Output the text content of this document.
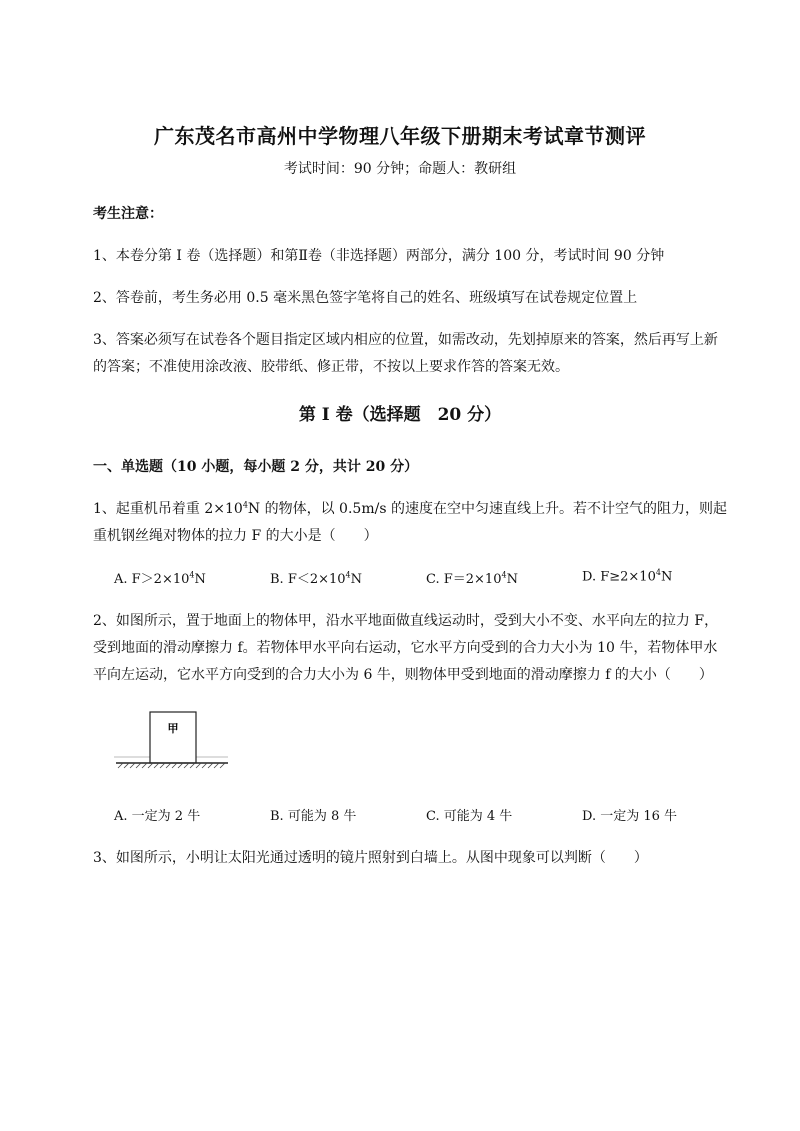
广东茂名市高州中学物理八年级下册期末考试章节测评
考试时间：90 分钟；命题人：教研组
考生注意：
1、本卷分第 I 卷（选择题）和第Ⅱ卷（非选择题）两部分，满分 100 分，考试时间 90 分钟
2、答卷前，考生务必用 0.5 毫米黑色签字笔将自己的姓名、班级填写在试卷规定位置上
3、答案必须写在试卷各个题目指定区域内相应的位置，如需改动，先划掉原来的答案，然后再写上新
的答案；不准使用涂改液、胶带纸、修正带，不按以上要求作答的答案无效。
第 I 卷（选择题　20 分）
一、单选题（10 小题，每小题 2 分，共计 20 分）
1、起重机吊着重 $2\times 10^4N$ 的物体，以 0.5m/s 的速度在空中匀速直线上升。若不计空气的阻力，则起
重机钢丝绳对物体的拉力 F 的大小是（　　）
A. $F>2\times 10^4N$	B. $F<2\times 10^4N$	C. $F=2\times 10^4N$	D. $F\ge 2\times 10^4N$
2、如图所示，置于地面上的物体甲，沿水平地面做直线运动时，受到大小不变、水平向左的拉力 F，
受到地面的滑动摩擦力 f。若物体甲水平向右运动，它水平方向受到的合力大小为 10 牛，若物体甲水
平向左运动，它水平方向受到的合力大小为 6 牛，则物体甲受到地面的滑动摩擦力 f 的大小（　　）
甲
A. 一定为 2 牛	B. 可能为 8 牛	C. 可能为 4 牛	D. 一定为 16 牛
3、如图所示，小明让太阳光通过透明的镜片照射到白墙上。从图中现象可以判断（　　）
